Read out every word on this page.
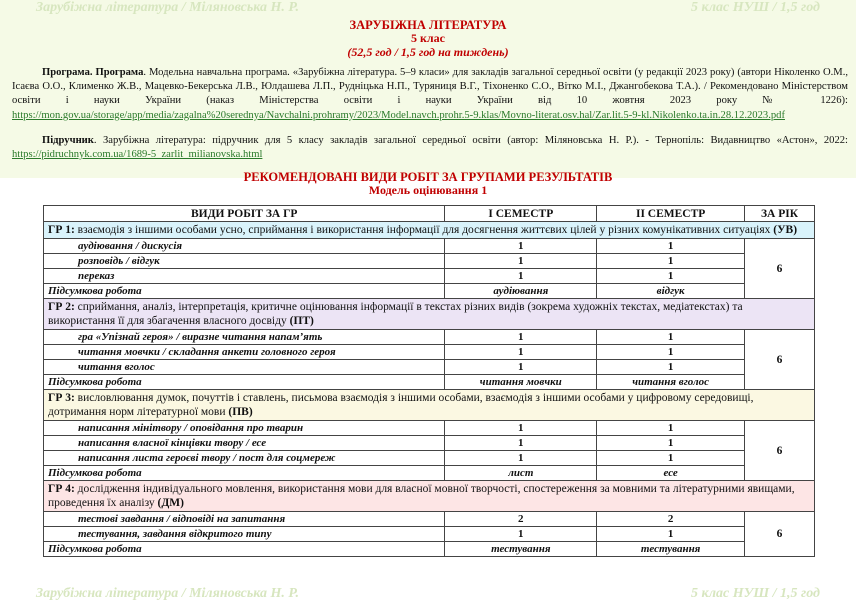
Зарубіжна література / Міляновська Н. Р.	5 клас НУШ / 1,5 год
ЗАРУБІЖНА ЛІТЕРАТУРА
5 клас
(52,5 год / 1,5 год на тиждень)
Програма. Програма. Модельна навчальна програма. «Зарубіжна література. 5–9 класи» для закладів загальної середньої освіти (у редакції 2023 року) (автори Ніколенко О.М., Ісаєва О.О., Клименко Ж.В., Мацевко-Бекерська Л.В., Юлдашева Л.П., Рудніцька Н.П., Туряниця В.Г., Тіхоненко С.О., Вітко М.І., Джангобекова Т.А.). / Рекомендовано Міністерством освіти і науки України (наказ Міністерства освіти і науки України від 10 жовтня 2023 року № 1226): https://mon.gov.ua/storage/app/media/zagalna%20serednya/Navchalni.prohramy/2023/Model.navch.prohr.5-9.klas/Movno-literat.osv.hal/Zar.lit.5-9-kl.Nikolenko.ta.in.28.12.2023.pdf
Підручник. Зарубіжна література: підручник для 5 класу закладів загальної середньої освіти (автор: Міляновська Н. Р.). - Тернопіль: Видавництво «Астон», 2022: https://pidruchnyk.com.ua/1689-5_zarlit_milianovska.html
РЕКОМЕНДОВАНІ ВИДИ РОБІТ ЗА ГРУПАМИ РЕЗУЛЬТАТІВ
Модель оцінювання 1
ВИДИ РОБІТ ЗА ГР	І СЕМЕСТР	ІІ СЕМЕСТР	ЗА РІК
ГР 1: взаємодія з іншими особами усно, сприймання і використання інформації для досягнення життєвих цілей у різних комунікативних ситуаціях (УВ)			
аудіювання / дискусія	1	1	6
розповідь / відгук	1	1	
переказ	1	1	
Підсумкова робота	аудіювання	відгук	
ГР 2: сприймання, аналіз, інтерпретація, критичне оцінювання інформації в текстах різних видів (зокрема художніх текстах, медіатекстах) та використання її для збагачення власного досвіду (ПТ)			
гра «Упізнай героя» / виразне читання напам’ять	1	1	6
читання мовчки / складання анкети головного героя	1	1	
читання вголос	1	1	
Підсумкова робота	читання мовчки	читання вголос	
ГР 3: висловлювання думок, почуттів і ставлень, письмова взаємодія з іншими особами, взаємодія з іншими особами у цифровому середовищі, дотримання норм літературної мови (ПВ)			
написання мінітвору / оповідання про тварин	1	1	6
написання власної кінцівки твору / есе	1	1	
написання листа героєві твору / пост для соцмереж	1	1	
Підсумкова робота	лист	есе	
ГР 4: дослідження індивідуального мовлення, використання мови для власної мовної творчості, спостереження за мовними та літературними явищами, проведення їх аналізу (ДМ)			
тестові завдання / відповіді на запитання	2	2	6
тестування, завдання відкритого типу	1	1	
Підсумкова робота	тестування	тестування	
Зарубіжна література / Міляновська Н. Р.	5 клас НУШ / 1,5 год
